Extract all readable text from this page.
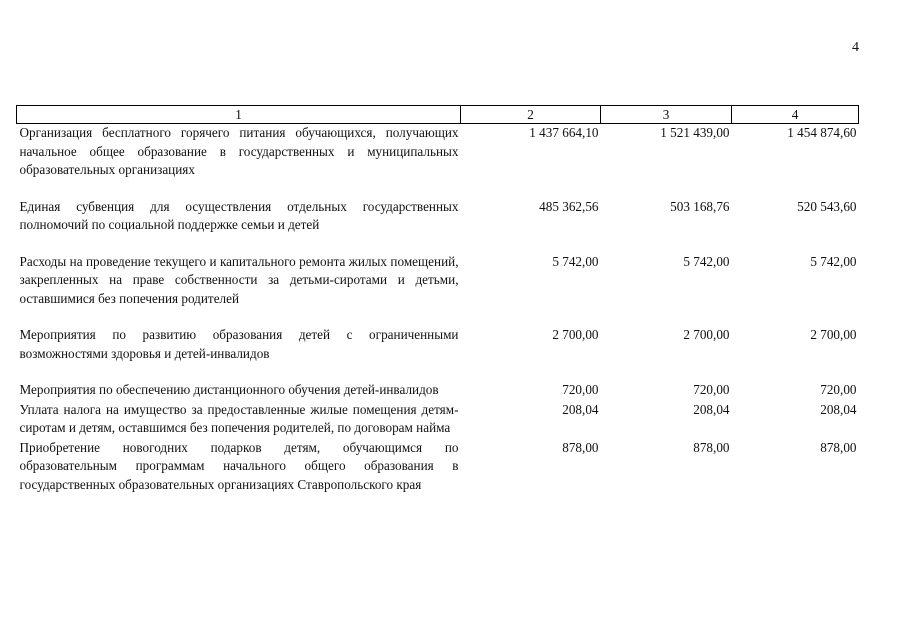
4
1	2	3	4
Организация бесплатного горячего питания обучающихся, получающих начальное общее образование в государственных и муниципальных образовательных организациях	1 437 664,10	1 521 439,00	1 454 874,60
Единая субвенция для осуществления отдельных государственных полномочий по социальной поддержке семьи и детей	485 362,56	503 168,76	520 543,60
Расходы на проведение текущего и капитального ремонта жилых помещений, закрепленных на праве собственности за детьми-сиротами и детьми, оставшимися без попечения родителей	5 742,00	5 742,00	5 742,00
Мероприятия по развитию образования детей с ограниченными возможностями здоровья и детей-инвалидов	2 700,00	2 700,00	2 700,00
Мероприятия по обеспечению дистанционного обучения детей-инвалидов	720,00	720,00	720,00
Уплата налога на имущество за предоставленные жилые помещения детям-сиротам и детям, оставшимся без попечения родителей, по договорам найма	208,04	208,04	208,04
Приобретение новогодних подарков детям, обучающимся по образовательным программам начального общего образования в государственных образовательных организациях Ставропольского края	878,00	878,00	878,00
